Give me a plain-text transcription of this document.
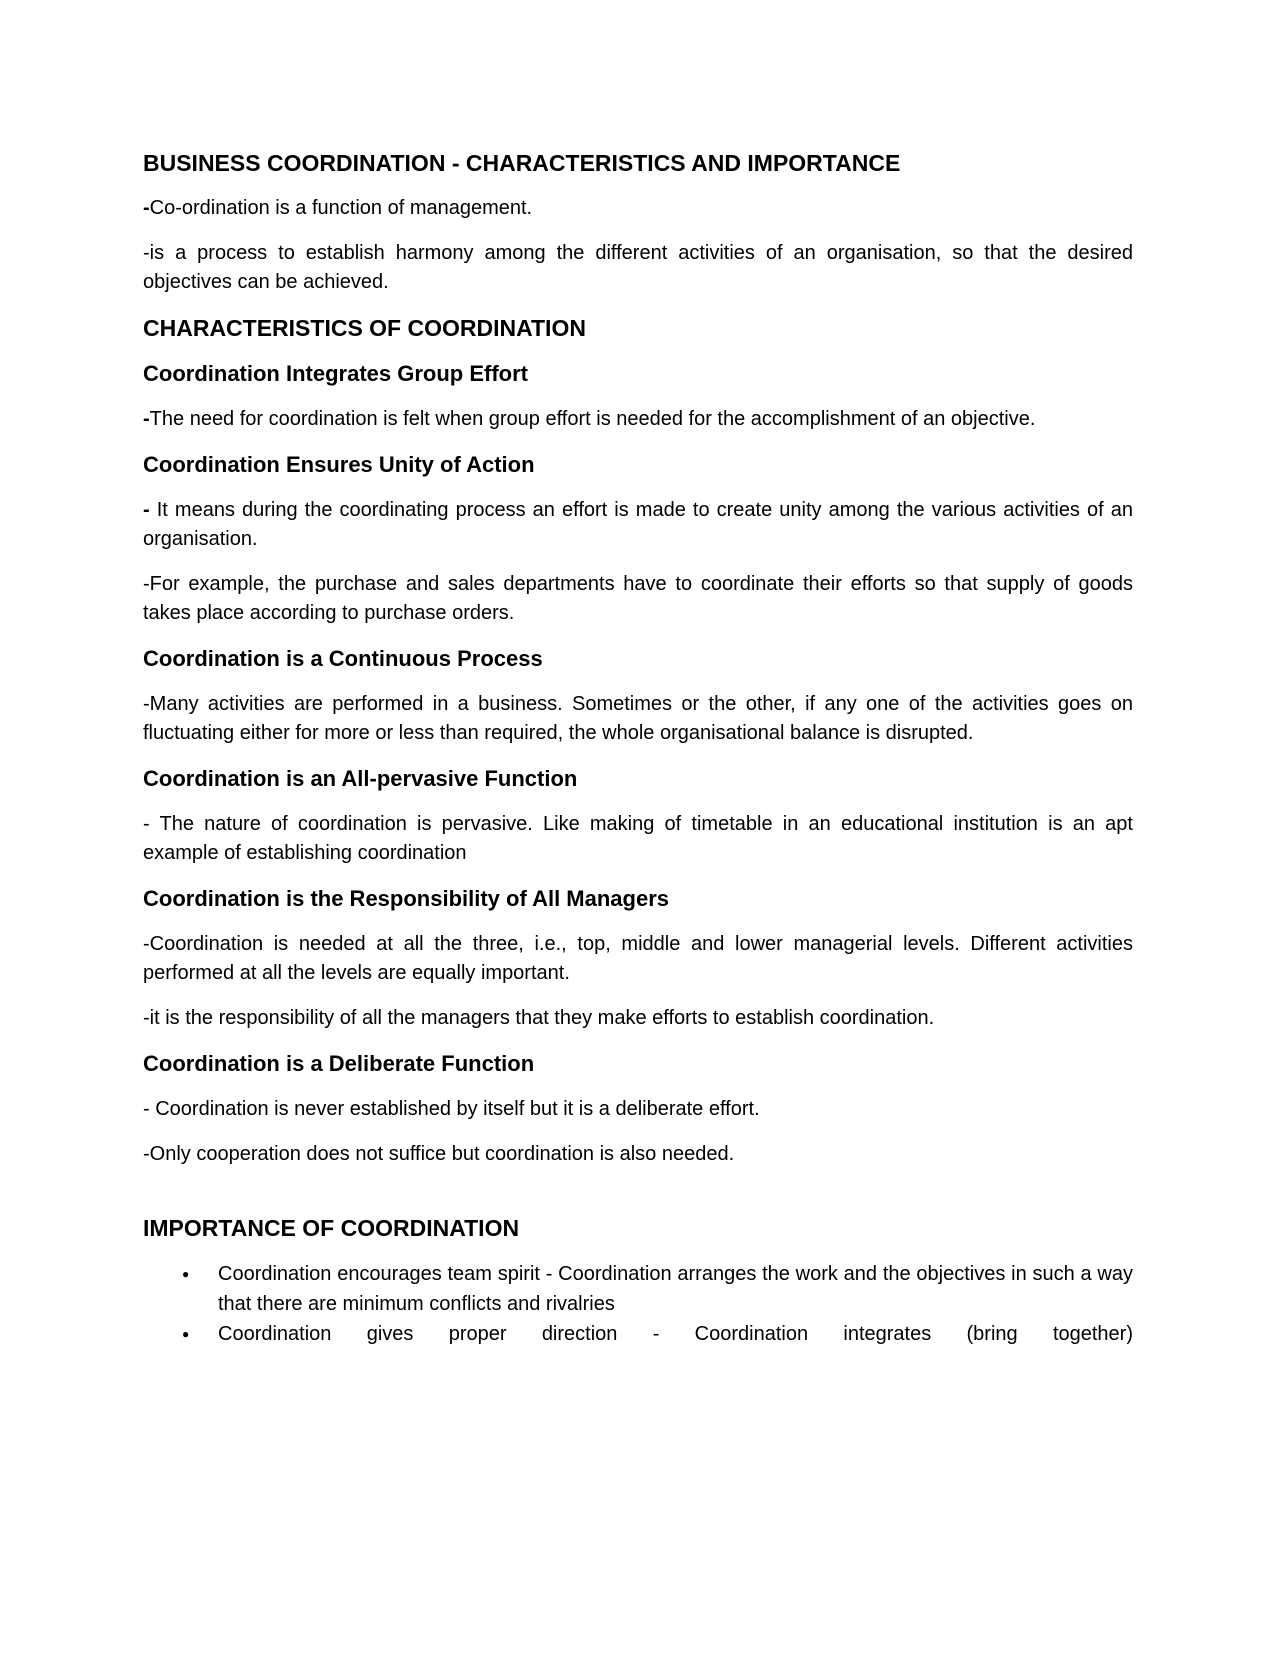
BUSINESS COORDINATION - CHARACTERISTICS AND IMPORTANCE

-Co-ordination is a function of management.

-is a process to establish harmony among the different activities of an organisation, so that the desired objectives can be achieved.

CHARACTERISTICS OF COORDINATION
Coordination Integrates Group Effort

-The need for coordination is felt when group effort is needed for the accomplishment of an objective.

Coordination Ensures Unity of Action

- It means during the coordinating process an effort is made to create unity among the various activities of an organisation.

-For example, the purchase and sales departments have to coordinate their efforts so that supply of goods takes place according to purchase orders.

Coordination is a Continuous Process

-Many activities are performed in a business. Sometimes or the other, if any one of the activities goes on fluctuating either for more or less than required, the whole organisational balance is disrupted.

Coordination is an All-pervasive Function

- The nature of coordination is pervasive. Like making of timetable in an educational institution is an apt example of establishing coordination

Coordination is the Responsibility of All Managers

-Coordination is needed at all the three, i.e., top, middle and lower managerial levels. Different activities performed at all the levels are equally important.

-it is the responsibility of all the managers that they make efforts to establish coordination.

Coordination is a Deliberate Function

- Coordination is never established by itself but it is a deliberate effort.

-Only cooperation does not suffice but coordination is also needed.

IMPORTANCE OF COORDINATION
● Coordination encourages team spirit - Coordination arranges the work and the objectives in such a way that there are minimum conflicts and rivalries
● Coordination gives proper direction - Coordination integrates (bring together)
